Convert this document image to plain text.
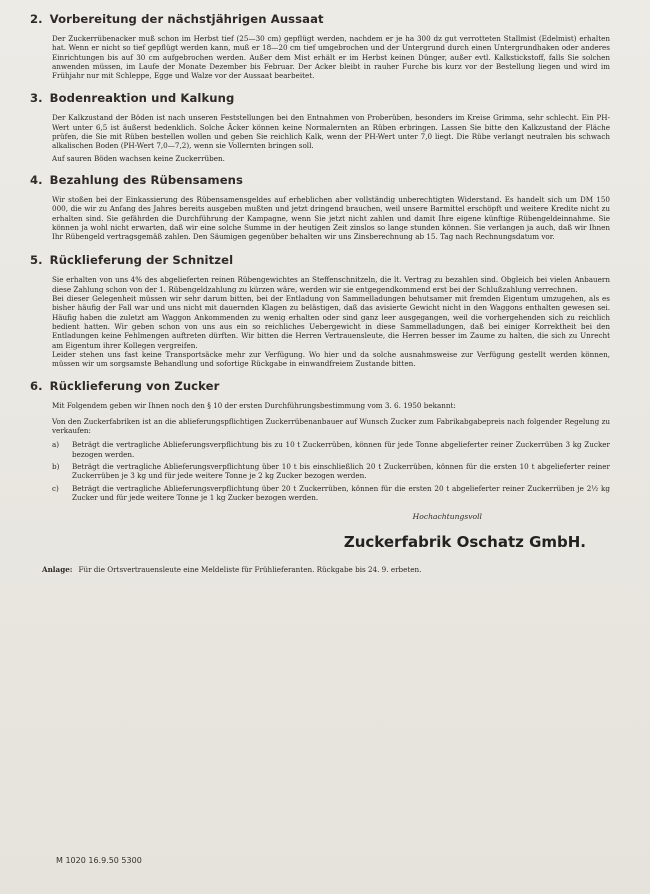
2. Vorbereitung der nächstjährigen Aussaat

Der Zuckerrübenacker muß schon im Herbst tief (25—30 cm) gepflügt werden, nachdem er je ha 300 dz gut verrotteten Stallmist (Edelmist) erhalten hat. Wenn er nicht so tief gepflügt werden kann, muß er 18—20 cm tief umgebrochen und der Untergrund durch einen Untergrundhaken oder anderes Einrichtungen bis auf 30 cm aufgebrochen werden. Außer dem Mist erhält er im Herbst keinen Dünger, außer evtl. Kalkstickstoff, falls Sie solchen anwenden müssen, im Laufe der Monate Dezember bis Februar. Der Acker bleibt in rauher Furche bis kurz vor der Bestellung liegen und wird im Frühjahr nur mit Schleppe, Egge und Walze vor der Aussaat bearbeitet.

3. Bodenreaktion und Kalkung

Der Kalkzustand der Böden ist nach unseren Feststellungen bei den Entnahmen von Proberüben, besonders im Kreise Grimma, sehr schlecht. Ein PH-Wert unter 6,5 ist äußerst bedenklich. Solche Äcker können keine Normalernten an Rüben erbringen. Lassen Sie bitte den Kalkzustand der Fläche prüfen, die Sie mit Rüben bestellen wollen und geben Sie reichlich Kalk, wenn der PH-Wert unter 7,0 liegt. Die Rübe verlangt neutralen bis schwach alkalischen Boden (PH-Wert 7,0—7,2), wenn sie Vollernten bringen soll.

Auf sauren Böden wachsen keine Zuckerrüben.

4. Bezahlung des Rübensamens

Wir stoßen bei der Einkassierung des Rübensamensgeldes auf erheblichen aber vollständig unberechtigten Widerstand. Es handelt sich um DM 150 000, die wir zu Anfang des Jahres bereits ausgeben mußten und jetzt dringend brauchen, weil unsere Barmittel erschöpft und weitere Kredite nicht zu erhalten sind. Sie gefährden die Durchführung der Kampagne, wenn Sie jetzt nicht zahlen und damit Ihre eigene künftige Rübengeldeinnahme. Sie können ja wohl nicht erwarten, daß wir eine solche Summe in der heutigen Zeit zinslos so lange stunden können. Sie verlangen ja auch, daß wir Ihnen Ihr Rübengeld vertragsgemäß zahlen. Den Säumigen gegenüber behalten wir uns Zinsberechnung ab 15. Tag nach Rechnungsdatum vor.

5. Rücklieferung der Schnitzel

Sie erhalten von uns 4% des abgelieferten reinen Rübengewichtes an Steffenschnitzeln, die lt. Vertrag zu bezahlen sind. Obgleich bei vielen Anbauern diese Zahlung schon von der 1. Rübengeldzahlung zu kürzen wäre, werden wir sie entgegendkommend erst bei der Schlußzahlung verrechnen.

Bei dieser Gelegenheit müssen wir sehr darum bitten, bei der Entladung von Sammelladungen behutsamer mit fremden Eigentum umzugehen, als es bisher häufig der Fall war und uns nicht mit dauernden Klagen zu belästigen, daß das avisierte Gewicht nicht in den Waggons enthalten gewesen sei. Häufig haben die zuletzt am Waggon Ankommenden zu wenig erhalten oder sind ganz leer ausgegangen, weil die vorhergehenden sich zu reichlich bedient hatten. Wir geben schon von uns aus ein so reichliches Uebergewicht in diese Sammelladungen, daß bei einiger Korrektheit bei den Entladungen keine Fehlmengen auftreten dürften. Wir bitten die Herren Vertrauensleute, die Herren besser im Zaume zu halten, die sich zu Unrecht am Eigentum ihrer Kollegen vergreifen.

Leider stehen uns fast keine Transportsäcke mehr zur Verfügung. Wo hier und da solche ausnahmsweise zur Verfügung gestellt werden können, müssen wir um sorgsamste Behandlung und sofortige Rückgabe in einwandfreiem Zustande bitten.

6. Rücklieferung von Zucker

Mit Folgendem geben wir Ihnen noch den § 10 der ersten Durchführungsbestimmung vom 3. 6. 1950 bekannt:

Von den Zuckerfabriken ist an die ablieferungspflichtigen Zuckerrübenanbauer auf Wunsch Zucker zum Fabrikabgabepreis nach folgender Regelung zu verkaufen:

a) Beträgt die vertragliche Ablieferungsverpflichtung bis zu 10 t Zuckerrüben, können für jede Tonne abgelieferter reiner Zuckerrüben 3 kg Zucker bezogen werden.
b) Beträgt die vertragliche Ablieferungsverpflichtung über 10 t bis einschließlich 20 t Zuckerrüben, können für die ersten 10 t abgelieferter reiner Zuckerrüben je 3 kg und für jede weitere Tonne je 2 kg Zucker bezogen werden.
c) Beträgt die vertragliche Ablieferungsverpflichtung über 20 t Zuckerrüben, können für die ersten 20 t abgelieferter reiner Zuckerrüben je 2½ kg Zucker und für jede weitere Tonne je 1 kg Zucker bezogen werden.
Hochachtungsvoll
Zuckerfabrik Oschatz GmbH.
Anlage: Für die Ortsvertrauensleute eine Meldeliste für Frühlieferanten. Rückgabe bis 24. 9. erbeten.
M 1020 16.9.50 5300
